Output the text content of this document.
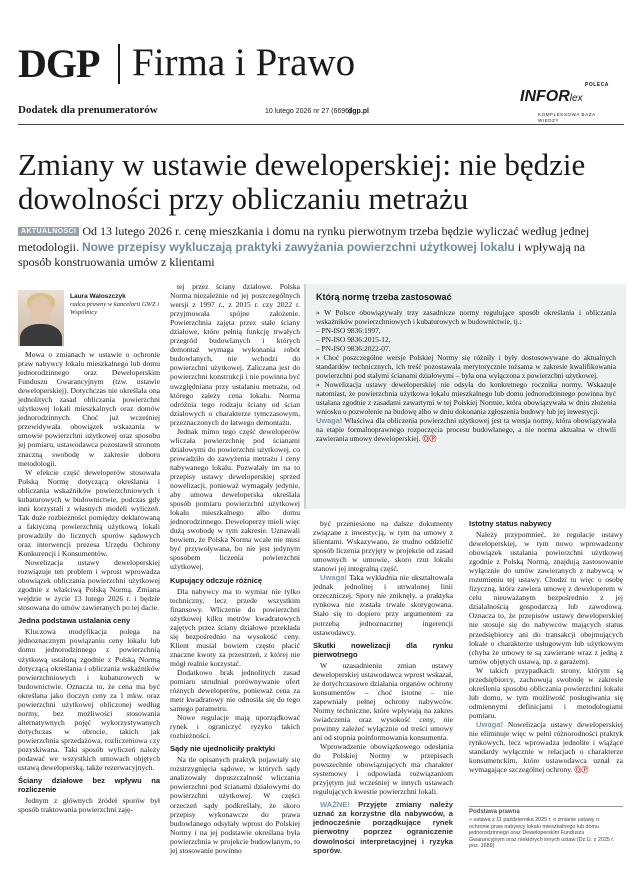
DGP Firma i Prawo
POLECA
INFORlex
KOMPLEKSOWA BAZA WIEDZY
Dodatek dla prenumeratorów	10 lutego 2026 nr 27 (6696)
dgp.pl
Zmiany w ustawie deweloperskiej: nie będzie dowolności przy obliczaniu metrażu
AKTUALNOŚCI Od 13 lutego 2026 r. cenę mieszkania i domu na rynku pierwotnym trzeba będzie wyliczać według jednej metodologii. Nowe przepisy wykluczają praktyki zawyżania powierzchni użytkowej lokalu i wpływają na sposób konstruowania umów z klientami
Laura Waloszczyk
radca prawny w kancelarii GWZ i Wspólnicy

Mowa o zmianach w ustawie o ochronie praw nabywcy lokalu mieszkalnego lub domu jednorodzinnego oraz Deweloperskim Funduszu Gwarancyjnym (tzw. ustawie deweloperskiej). Dotychczas nie określała ona jednolitych zasad obliczania powierzchni użytkowej lokali mieszkalnych oraz domów jednorodzinnych. Choć już wcześniej przewidywała obowiązek wskazania w umowie powierzchni użytkowej oraz sposobu jej pomiaru, ustawodawca pozostawił stronom znaczną swobodę w zakresie doboru metodologii.

W efekcie część deweloperów stosowała Polską Normę dotyczącą określania i obliczania wskaźników powierzchniowych i kubaturowych w budownictwie, podczas gdy inni korzystali z własnych modeli wyliczeń. Tak duże rozbieżności pomiędzy deklarowaną a faktyczną powierzchnią użytkową lokali prowadziły do licznych sporów sądowych oraz interwencji prezesa Urzędu Ochrony Konkurencji i Konsumentów.

Nowelizacja ustawy deweloperskiej rozwiązuje ten problem i wprost wprowadza obowiązek obliczania powierzchni użytkowej zgodnie z właściwą Polską Normą. Zmiana wejdzie w życie 13 lutego 2026 r. i będzie stosowana do umów zawieranych po tej dacie.

Jedna podstawa ustalania ceny

Kluczowa modyfikacja polega na jednoznacznym powiązaniu ceny lokalu lub domu jednorodzinnego z powierzchnią użytkową ustaloną zgodnie z Polską Normą dotyczącą określania i obliczania wskaźników powierzchniowych i kubaturowych w budownictwie. Oznacza to, że cena ma być określana jako iloczyn ceny za 1 mkw. oraz powierzchni użytkowej obliczonej według normy, bez możliwości stosowania alternatywnych pojęć wykorzystywanych dotychczas w obrocie, takich jak powierzchnia sprzedażowa, rozliczeniowa czy pozyskiwana. Taki sposób wyliczeń należy podawać we wszystkich umowach objętych ustawą deweloperską, także rezerwacyjnych.

Ściany działowe bez wpływu na rozliczenie

Jednym z głównych źródeł sporów był sposób traktowania powierzchni zaję-

tej przez ściany działowe. Polska Norma niezależnie od jej poszczególnych wersji z 1997 r., z 2015 r. czy 2022 r. przyjmowała spójne założenie. Powierzchnia zajęta przez stałe ściany działowe, które pełnią funkcję trwałych przegród budowlanych i których demontaż wymaga wykonania robót budowlanych, nie wchodzi do powierzchni użytkowej. Zaliczana jest do powierzchni konstrukcji i nie powinna być uwzględniana przy ustalaniu metrażu, od którego zależy cena lokalu. Norma odróżnia tego rodzaju ściany od ścian działowych o charakterze tymczasowym, przeznaczonych do łatwego demontażu.

Jednak mimo tego część deweloperów wliczała powierzchnię pod ścianami działowymi do powierzchni użytkowej, co prowadziło do zawyżenia metrażu i ceny nabywanego lokalu. Pozwalały im na to przepisy ustawy deweloperskiej sprzed nowelizacji, ponieważ wymagały jedynie, aby umowa deweloperska określała sposób pomiaru powierzchni użytkowej lokalu mieszkalnego albo domu jednorodzinnego. Deweloperzy mieli więc dużą swobodę w tym zakresie. Uznawali bowiem, że Polska Norma wcale nie musi być przywoływana, bo nie jest jedynym sposobem liczenia powierzchni użytkowej.

Kupujący odczuje różnicę

Dla nabywcy ma to wymiar nie tylko techniczny, lecz przede wszystkim finansowy. Wliczenie do powierzchni użytkowej kilku metrów kwadratowych zajętych przez ściany działowe przekłada się bezpośrednio na wysokość ceny. Klient musiał bowiem często płacić znaczne kwoty za przestrzeń, z której nie mógł realnie korzystać.

Dodatkowo brak jednolitych zasad pomiaru utrudniał porównywanie ofert różnych deweloperów, ponieważ cena za metr kwadratowy nie odnosiła się do tego samego parametru.

Nowe regulacje mają uporządkować rynek i ograniczyć ryzyko takich rozbieżności.

Sądy nie ujednoliciły praktyki

Na tle opisanych praktyk pojawiały się rozstrzygnięcia sądowe, w których sądy analizowały dopuszczalność wliczania powierzchni pod ścianami działowymi do powierzchni użytkowej. W części orzeczeń sądy podkreślały, że skoro przepisy wykonawcze do prawa budowlanego odsyłały wprost do Polskiej Normy i na jej podstawie określana była powierzchnia w projekcie budowlanym, to jej stosowanie powinno

Którą normę trzeba zastosować
» W Polsce obowiązywały trzy zasadnicze normy regulujące sposób określania i obliczania wskaźników powierzchniowych i kubaturowych w budownictwie, tj.:
– PN-ISO 9836:1997,
– PN-ISO 9836:2015-12,
– PN-ISO 9836:2022-07.
» Choć poszczególne wersje Polskiej Normy się różniły i były dostosowywane do aktualnych standardów technicznych, ich treść pozostawała merytorycznie tożsama w zakresie kwalifikowania powierzchni pod stałymi ścianami działowymi – była ona wyłączona z powierzchni użytkowej.
» Nowelizacja ustawy deweloperskiej nie odsyła do konkretnego rocznika normy. Wskazuje natomiast, że powierzchnia użytkowa lokalu mieszkalnego lub domu jednorodzinnego powinna być ustalana zgodnie z zasadami zawartymi w tej Polskiej Normie, która obowiązywała w dniu złożenia wniosku o pozwolenie na budowę albo w dniu dokonania zgłoszenia budowy lub jej inwestycji.
Uwaga! Właściwa dla obliczenia powierzchni użytkowej jest ta wersja normy, która obowiązywała na etapie formalnoprawnego rozpoczęcia procesu budowlanego, a nie norma aktualna w chwili zawierania umowy deweloperskiej. ⓄⓅ

być przeniesione na dalsze dokumenty związane z inwestycją, w tym na umowy z klientami. Wskazywano, że trudno oddzielić sposób liczenia przyjęty w projekcie od zasad umownych w umowie, skoro rzut lokalu stanowi jej integralną część.

Uwaga! Taka wykładnia nie ukształtowała jednak jednolitej i utrwalonej linii orzeczniczej. Spory nie zniknęły, a praktyka rynkowa nie została trwale skorygowana. Stało się to dopiero przy argumentem za potrzebą jednoznacznej ingerencji ustawodawcy.

Skutki nowelizacji dla rynku pierwotnego

W uzasadnieniu zmian ustawy deweloperskiej ustawodawca wprost wskazał, że dotychczasowe działania organów ochrony konsumentów – choć istotne – nie zapewniały pełnej ochrony nabywców. Normy techniczne, które wpływają na zakres świadczenia oraz wysokość ceny, nie powinny zależeć wyłącznie od treści umowy ani od stopnia poinformowania konsumenta.

Wprowadzenie obowiązkowego odesłania do Polskiej Normy w przepisach powszechnie obowiązujących ma charakter systemowy i odpowiada rozwiązaniom przyjętym już wcześniej w innych ustawach regulujących kwestie powierzchni lokali.

WAŻNE! Przyjęte zmiany należy uznać za korzystne dla nabywców, a jednocześnie porządkujące rynek pierwotny poprzez ograniczenie dowolności interpretacyjnej i ryzyka sporów.

Istotny status nabywcy

Należy przypomnieć, że regulacje ustawy deweloperskiej, w tym nowo wprowadzony obowiązek ustalania powierzchni użytkowej zgodnie z Polską Normą, znajdują zastosowanie wyłącznie do umów zawieranych z nabywcą w rozumieniu tej ustawy. Chodzi tu więc o osobę fizyczną, która zawiera umowę z deweloperem w celu nieuważanym bezpośrednio z jej działalnością gospodarczą lub zawodową. Oznacza to, że przepisów ustawy deweloperskiej nie stosuje się do nabywców mających status przedsiębiorcy ani do transakcji obejmujących lokale o charakterze usługowym lub użytkowym (chyba że umowy te są zawierane wraz z jedną z umów objętych ustawą, np. z garażem).

W takich przypadkach strony, którym są przedsiębiorcy, zachowują swobodę w zakresie określenia sposobu obliczania powierzchni lokalu lub domu, w tym możliwość posługiwania się odmiennymi definicjami i metodologiami pomiaru.

Uwaga! Nowelizacja ustawy deweloperskiej nie eliminuje więc w pełni różnorodności praktyk rynkowych, lecz wprowadza jednolite i wiążące standardy wyłącznie w relacjach o charakterze konsumenckim, które ustawodawca uznał za wymagające szczególnej ochrony. ⓄⓅ

Podstawa prawna
» ustawa z 11 października 2025 r. o zmianie ustawy o ochronie praw nabywcy lokalu mieszkalnego lub domu jednorodzinnego oraz Deweloperskim Funduszu Gwarancyjnym oraz niektórych innych ustaw (Dz.U. z 2025 r. poz. 1689)
